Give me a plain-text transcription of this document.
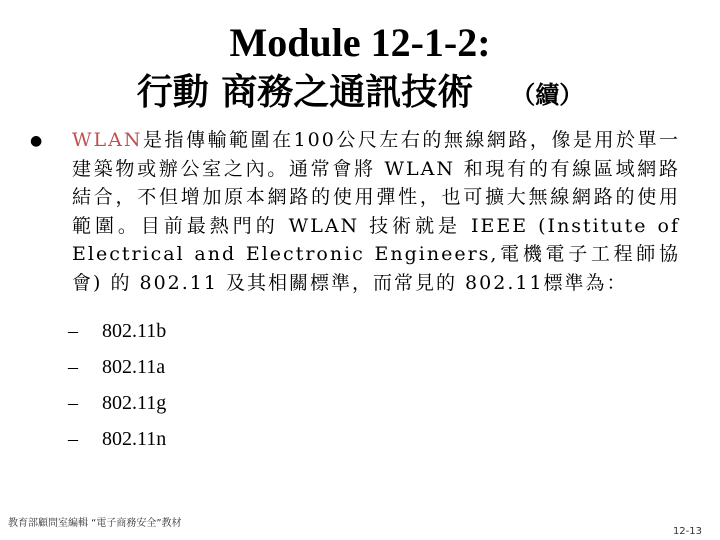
Module 12-1-2:
行動 商務之通訊技術 （續）
●	WLAN是指傳輸範圍在100公尺左右的無線網路，像是用於單一建築物或辦公室之內。通常會將 WLAN 和現有的有線區域網路結合，不但增加原本網路的使用彈性，也可擴大無線網路的使用範圍。目前最熱門的 WLAN 技術就是 IEEE (Institute of Electrical and Electronic Engineers,電機電子工程師協會) 的 802.11 及其相關標準，而常見的 802.11標準為：
–	802.11b
–	802.11a
–	802.11g
–	802.11n
教育部顧問室編輯 “電子商務安全”教材
12-13
